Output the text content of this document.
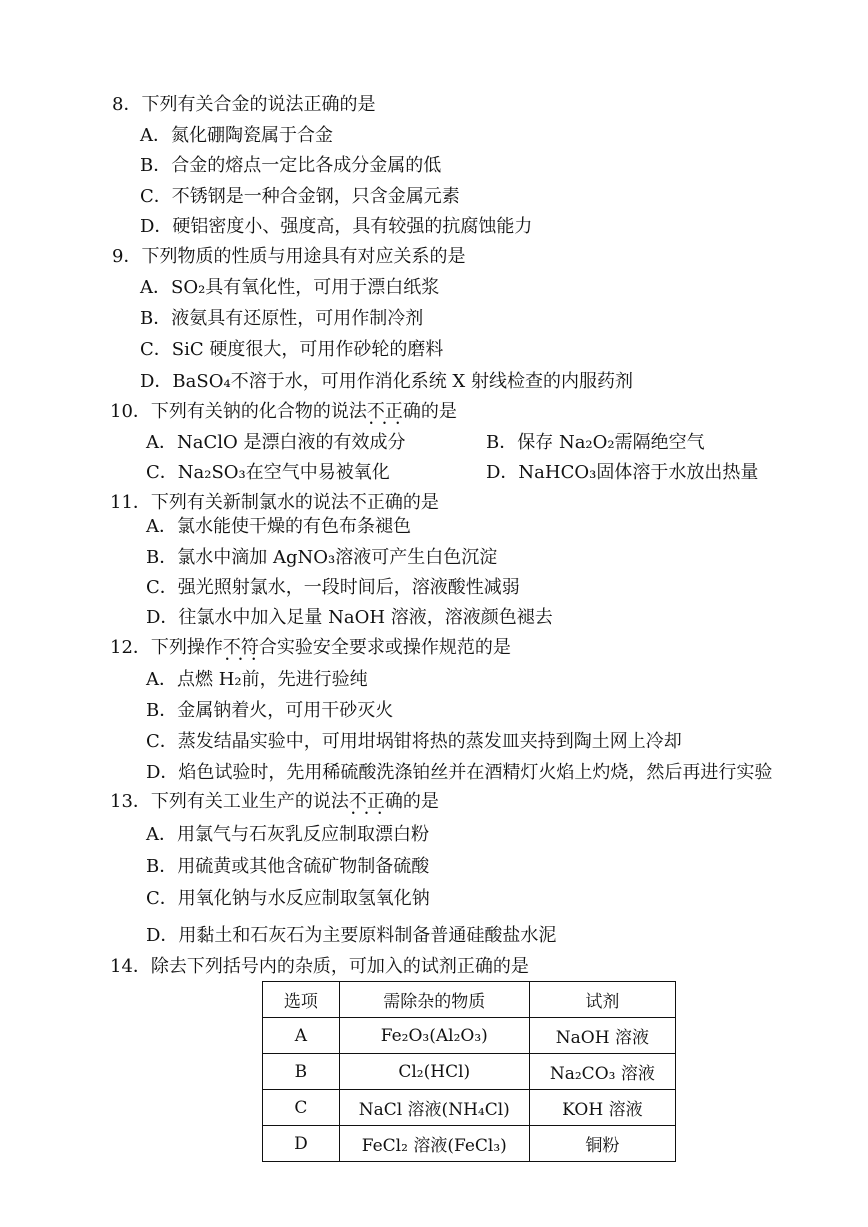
8．下列有关合金的说法正确的是
A．氮化硼陶瓷属于合金
B．合金的熔点一定比各成分金属的低
C．不锈钢是一种合金钢，只含金属元素
D．硬铝密度小、强度高，具有较强的抗腐蚀能力
9．下列物质的性质与用途具有对应关系的是
A．SO₂具有氧化性，可用于漂白纸浆
B．液氨具有还原性，可用作制冷剂
C．SiC 硬度很大，可用作砂轮的磨料
D．BaSO₄不溶于水，可用作消化系统 X 射线检查的内服药剂
10．下列有关钠的化合物的说法不正确 • • •的是
A．NaClO 是漂白液的有效成分	B．保存 Na₂O₂需隔绝空气
C．Na₂SO₃在空气中易被氧化	D．NaHCO₃固体溶于水放出热量
11．下列有关新制氯水的说法不正确的是
A．氯水能使干燥的有色布条褪色
B．氯水中滴加 AgNO₃溶液可产生白色沉淀
C．强光照射氯水，一段时间后，溶液酸性减弱
D．往氯水中加入足量 NaOH 溶液，溶液颜色褪去
12．下列操作不符合 • • •实验安全要求或操作规范的是
A．点燃 H₂前，先进行验纯
B．金属钠着火，可用干砂灭火
C．蒸发结晶实验中，可用坩埚钳将热的蒸发皿夹持到陶土网上冷却
D．焰色试验时，先用稀硫酸洗涤铂丝并在酒精灯火焰上灼烧，然后再进行实验
13．下列有关工业生产的说法不正确 • • •的是
A．用氯气与石灰乳反应制取漂白粉
B．用硫黄或其他含硫矿物制备硫酸
C．用氧化钠与水反应制取氢氧化钠
D．用黏土和石灰石为主要原料制备普通硅酸盐水泥
14．除去下列括号内的杂质，可加入的试剂正确的是
选项	需除杂的物质	试剂
A	Fe₂O₃(Al₂O₃)	NaOH 溶液
B	Cl₂(HCl)	Na₂CO₃ 溶液
C	NaCl 溶液(NH₄Cl)	KOH 溶液
D	FeCl₂ 溶液(FeCl₃)	铜粉
